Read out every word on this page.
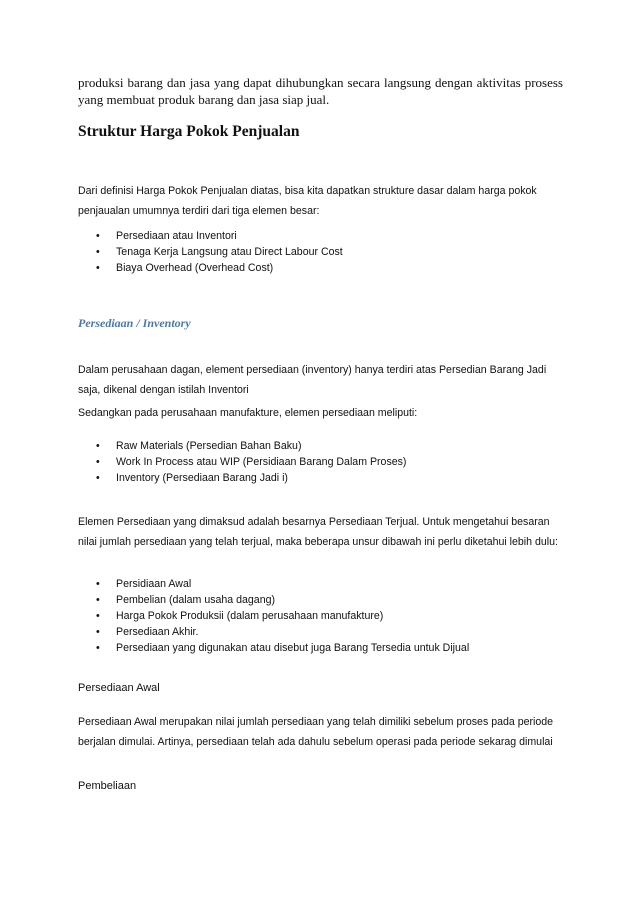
produksi barang dan jasa yang dapat dihubungkan secara langsung dengan aktivitas prosess yang membuat produk barang dan jasa siap jual.
Struktur Harga Pokok Penjualan
Dari definisi Harga Pokok Penjualan diatas, bisa kita dapatkan strukture dasar dalam harga pokok penjaualan umumnya terdiri dari tiga elemen besar:
• Persediaan atau Inventori
• Tenaga Kerja Langsung atau Direct Labour Cost
• Biaya Overhead (Overhead Cost)
Persediaan / Inventory
Dalam perusahaan dagan, element persediaan (inventory) hanya terdiri atas Persedian Barang Jadi saja, dikenal dengan istilah Inventori
Sedangkan pada perusahaan manufakture, elemen persediaan meliputi:
• Raw Materials (Persedian Bahan Baku)
• Work In Process atau WIP (Persidiaan Barang Dalam Proses)
• Inventory (Persediaan Barang Jadi i)
Elemen Persediaan yang dimaksud adalah besarnya Persediaan Terjual. Untuk mengetahui besaran nilai jumlah persediaan yang telah terjual, maka beberapa unsur dibawah ini perlu diketahui lebih dulu:
• Persidiaan Awal
• Pembelian (dalam usaha dagang)
• Harga Pokok Produksii (dalam perusahaan manufakture)
• Persediaan Akhir.
• Persediaan yang digunakan atau disebut juga Barang Tersedia untuk Dijual
Persediaan Awal
Persediaan Awal merupakan nilai jumlah persediaan yang telah dimiliki sebelum proses pada periode berjalan dimulai. Artinya, persediaan telah ada dahulu sebelum operasi pada periode sekarag dimulai
Pembeliaan
